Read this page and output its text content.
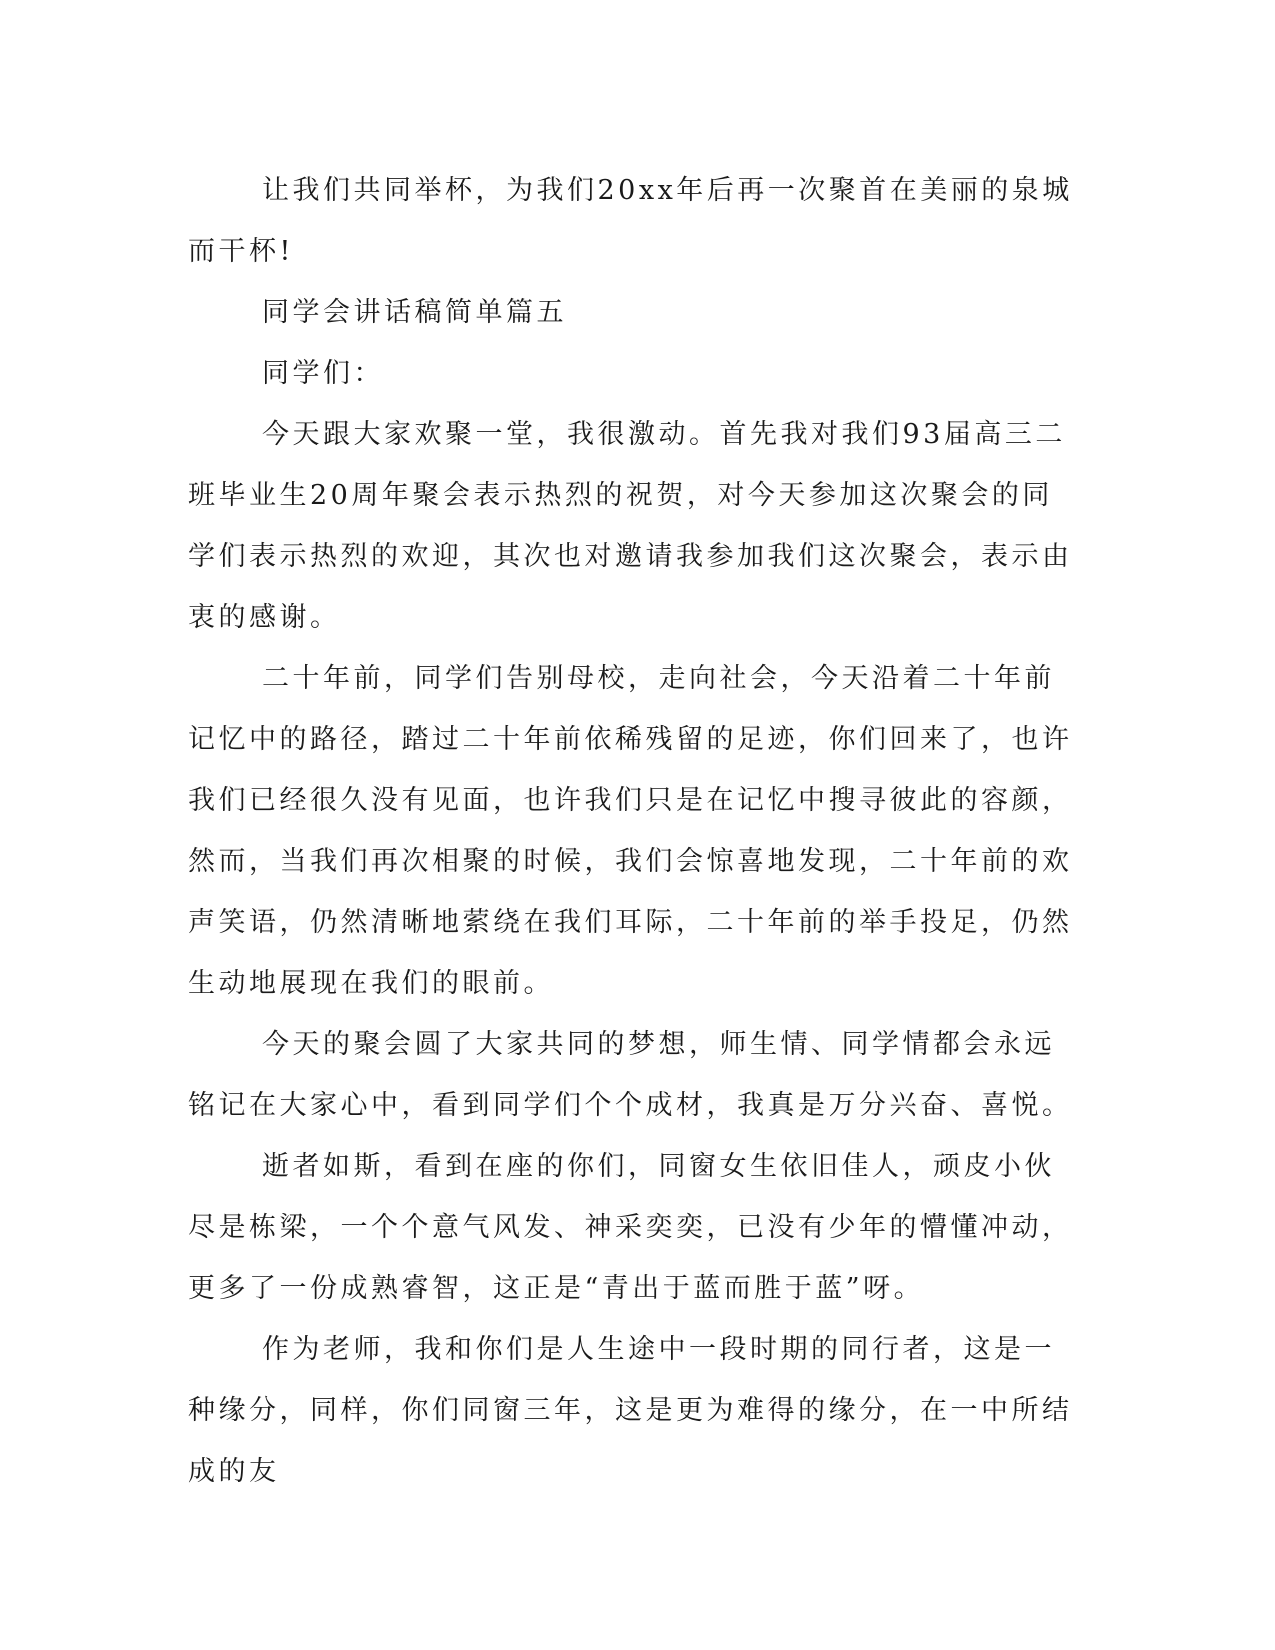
让我们共同举杯，为我们20xx年后再一次聚首在美丽的泉城而干杯!

同学会讲话稿简单篇五

同学们：

今天跟大家欢聚一堂，我很激动。首先我对我们93届高三二班毕业生20周年聚会表示热烈的祝贺，对今天参加这次聚会的同学们表示热烈的欢迎，其次也对邀请我参加我们这次聚会，表示由衷的感谢。

二十年前，同学们告别母校，走向社会，今天沿着二十年前记忆中的路径，踏过二十年前依稀残留的足迹，你们回来了，也许我们已经很久没有见面，也许我们只是在记忆中搜寻彼此的容颜，然而，当我们再次相聚的时候，我们会惊喜地发现，二十年前的欢声笑语，仍然清晰地萦绕在我们耳际，二十年前的举手投足，仍然生动地展现在我们的眼前。

今天的聚会圆了大家共同的梦想，师生情、同学情都会永远铭记在大家心中，看到同学们个个成材，我真是万分兴奋、喜悦。

逝者如斯，看到在座的你们，同窗女生依旧佳人，顽皮小伙尽是栋梁，一个个意气风发、神采奕奕，已没有少年的懵懂冲动，更多了一份成熟睿智，这正是“青出于蓝而胜于蓝”呀。

作为老师，我和你们是人生途中一段时期的同行者，这是一种缘分，同样，你们同窗三年，这是更为难得的缘分，在一中所结成的友
